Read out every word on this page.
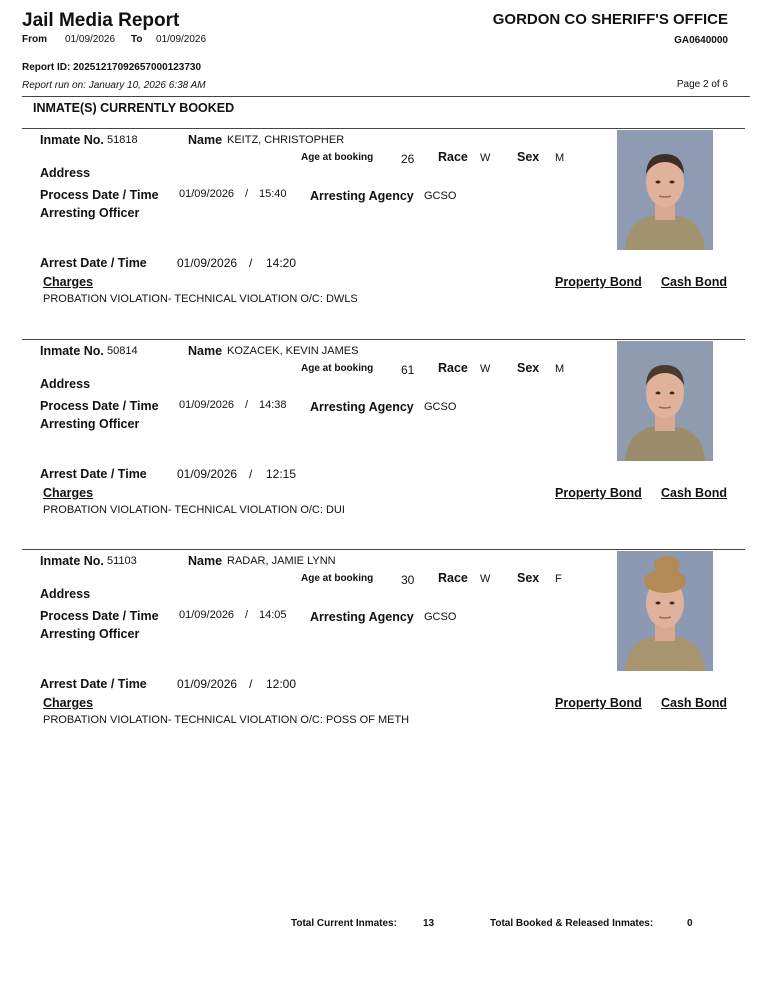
Jail Media Report	GORDON CO SHERIFF'S OFFICE
From 01/09/2026 To 01/09/2026	GA0640000
Report ID: 20251217092657000123730
Report run on: January 10, 2026 6:38 AM	Page 2 of 6
INMATE(S) CURRENTLY BOOKED
Inmate No. 51818	Name KEITZ, CHRISTOPHER
Age at booking 26 Race W Sex M
Address
Process Date / Time 01/09/2026 / 15:40 Arresting Agency GCSO
Arresting Officer
Arrest Date / Time	01/09/2026 / 14:20
Charges	Property Bond Cash Bond
PROBATION VIOLATION- TECHNICAL VIOLATION O/C: DWLS
Inmate No. 50814	Name KOZACEK, KEVIN JAMES
Age at booking 61 Race W Sex M
Address
Process Date / Time 01/09/2026 / 14:38 Arresting Agency GCSO
Arresting Officer
Arrest Date / Time	01/09/2026 / 12:15
Charges	Property Bond Cash Bond
PROBATION VIOLATION- TECHNICAL VIOLATION O/C: DUI
Inmate No. 51103	Name RADAR, JAMIE LYNN
Age at booking 30 Race W Sex F
Address
Process Date / Time 01/09/2026 / 14:05 Arresting Agency GCSO
Arresting Officer
Arrest Date / Time	01/09/2026 / 12:00
Charges	Property Bond Cash Bond
PROBATION VIOLATION- TECHNICAL VIOLATION O/C: POSS OF METH
Total Current Inmates:	13	Total Booked & Released Inmates:	0
